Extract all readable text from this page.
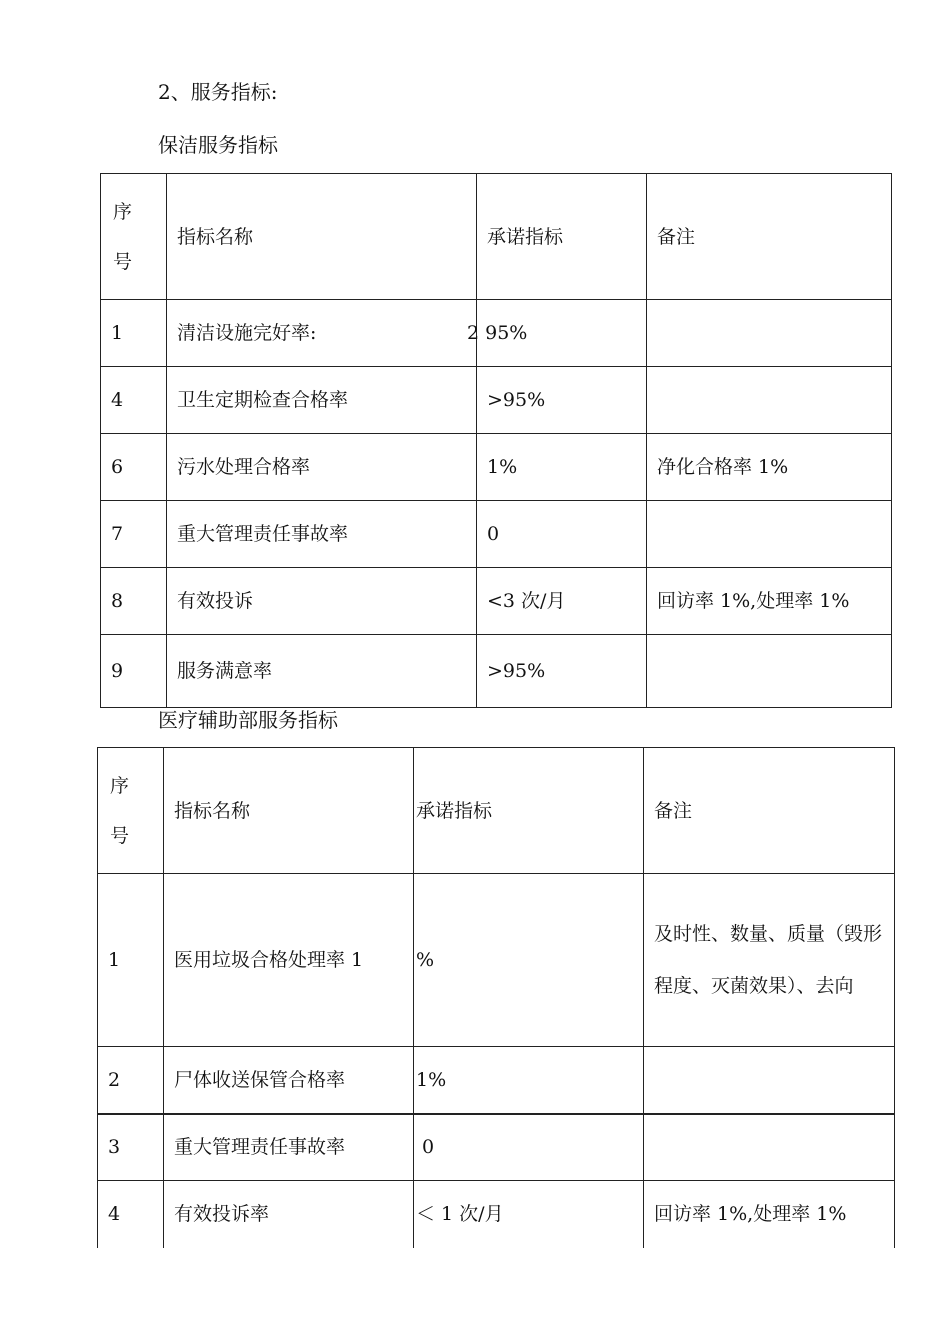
2、服务指标:
保洁服务指标
序
号	指标名称	承诺指标	备注
1	清洁设施完好率:	2 95%	
4	卫生定期检查合格率	>95%	
6	污水处理合格率	1%	净化合格率 1%
7	重大管理责任事故率	0	
8	有效投诉	<3 次/月	回访率 1%,处理率 1%
9	服务满意率	>95%	
医疗辅助部服务指标
序
号	指标名称	承诺指标	备注
1	医用垃圾合格处理率 1	%	及时性、数量、质量（毁形程度、灭菌效果）、去向
2	尸体收送保管合格率	1%	
3	重大管理责任事故率	0	
4	有效投诉率	＜ 1 次/月	回访率 1%,处理率 1%
